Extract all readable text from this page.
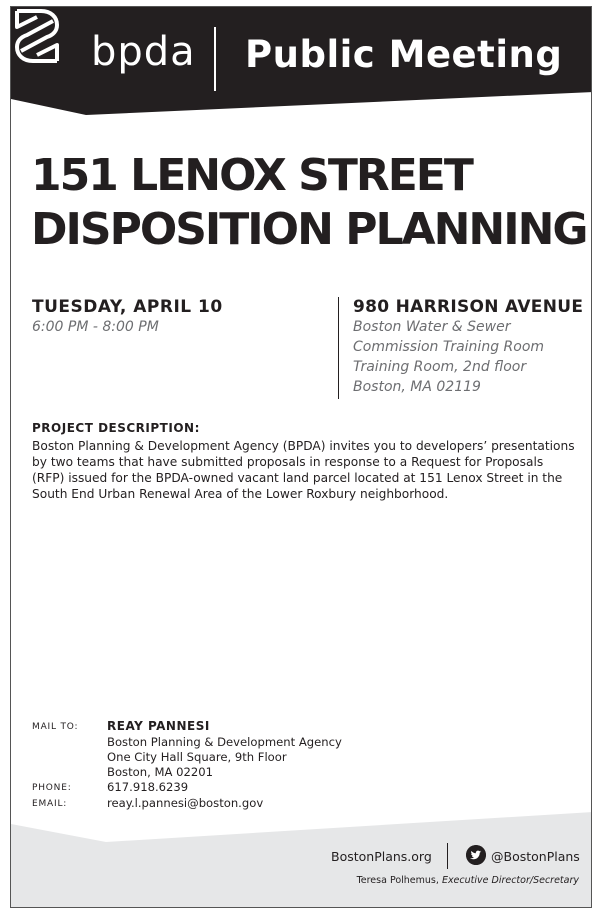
bpda Public Meeting
151 LENOX STREET
DISPOSITION PLANNING
TUESDAY, APRIL 10
6:00 PM - 8:00 PM
980 HARRISON AVENUE
Boston Water & Sewer
Commission Training Room
Training Room, 2nd floor
Boston, MA 02119
PROJECT DESCRIPTION:

Boston Planning & Development Agency (BPDA) invites you to developers’ presentations by two teams that have submitted proposals in response to a Request for Proposals (RFP) issued for the BPDA-owned vacant land parcel located at 151 Lenox Street in the South End Urban Renewal Area of the Lower Roxbury neighborhood.

MAIL TO:	REAY PANNESI
Boston Planning & Development Agency
One City Hall Square, 9th Floor
Boston, MA 02201
PHONE:	617.918.6239
EMAIL:	reay.l.pannesi@boston.gov
BostonPlans.org	@BostonPlans
Teresa Polhemus, Executive Director/Secretary
